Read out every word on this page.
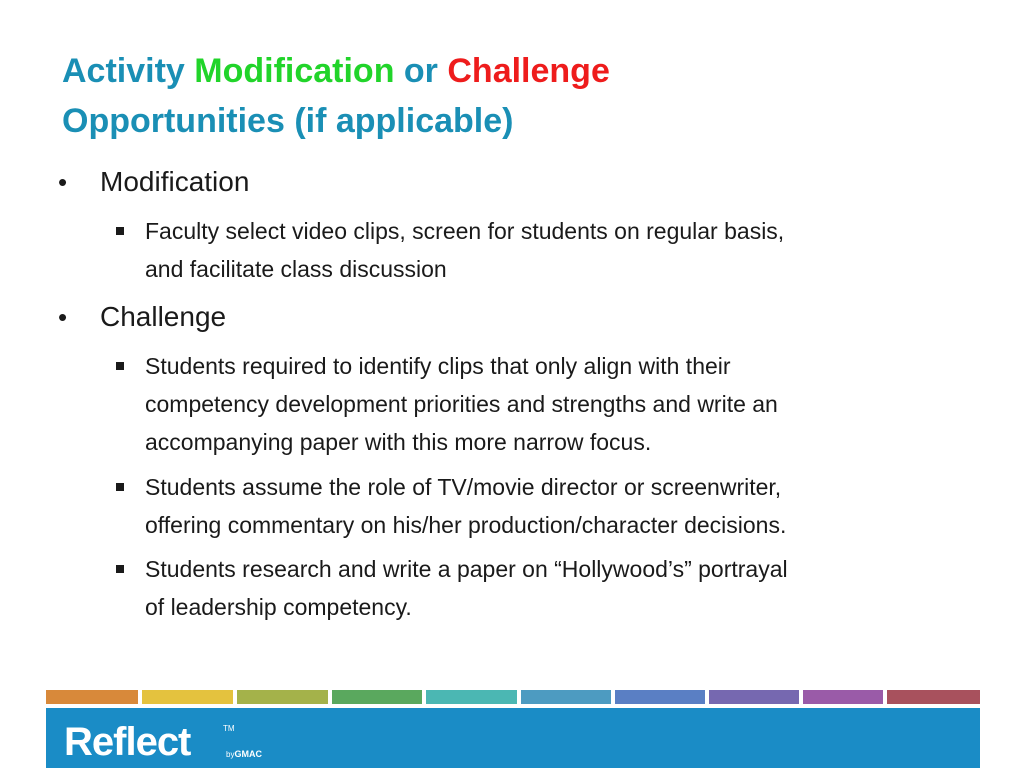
Activity Modification or Challenge
Opportunities (if applicable)
• Modification
Faculty select video clips, screen for students on regular basis,
and facilitate class discussion
• Challenge
Students required to identify clips that only align with their
competency development priorities and strengths and write an
accompanying paper with this more narrow focus.
Students assume the role of TV/movie director or screenwriter,
offering commentary on his/her production/character decisions.
Students research and write a paper on “Hollywood’s” portrayal
of leadership competency.
Reflect	TM
byGMAC
